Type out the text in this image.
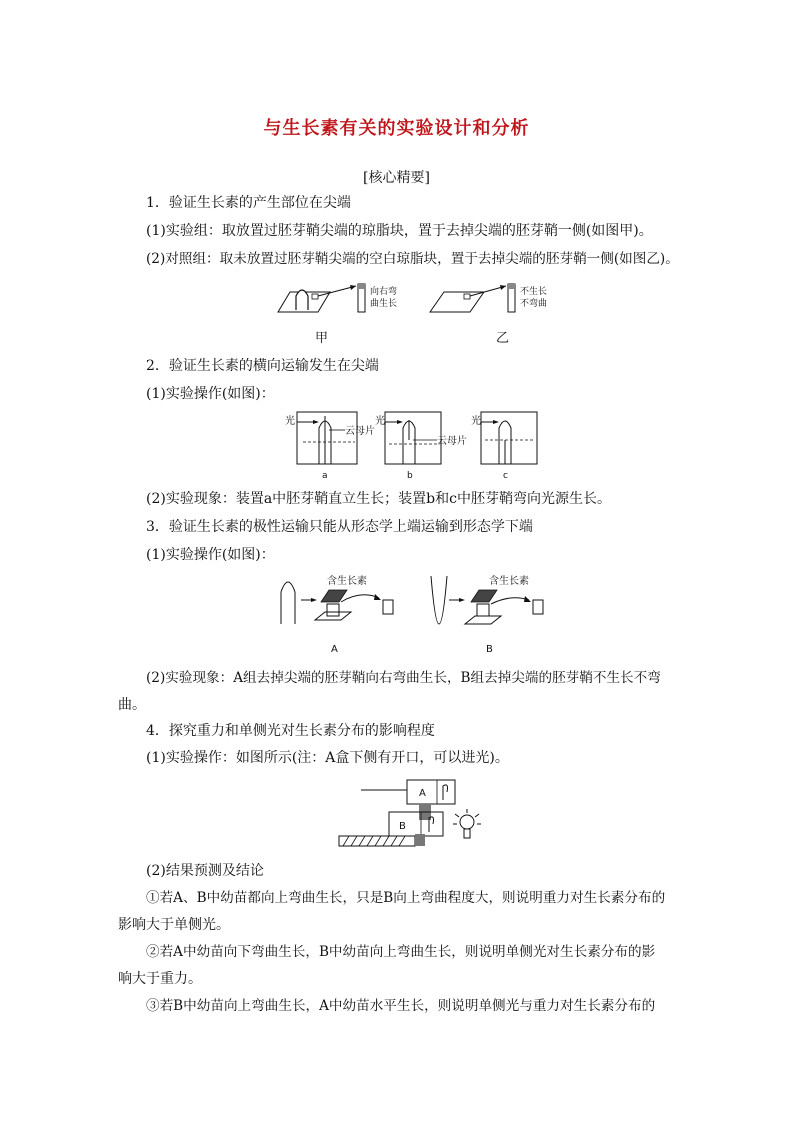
与生长素有关的实验设计和分析
[核心精要]
1．验证生长素的产生部位在尖端
(1)实验组：取放置过胚芽鞘尖端的琼脂块，置于去掉尖端的胚芽鞘一侧(如图甲)。
(2)对照组：取未放置过胚芽鞘尖端的空白琼脂块，置于去掉尖端的胚芽鞘一侧(如图乙)。
向右弯
曲生长
甲
不生长
不弯曲
乙
2．验证生长素的横向运输发生在尖端
(1)实验操作(如图)：
光
云母片
a
光
云母片
b
光
c
(2)实验现象：装置a中胚芽鞘直立生长；装置b和c中胚芽鞘弯向光源生长。
3．验证生长素的极性运输只能从形态学上端运输到形态学下端
(1)实验操作(如图)：
含生长素
A
含生长素
B
(2)实验现象：A组去掉尖端的胚芽鞘向右弯曲生长，B组去掉尖端的胚芽鞘不生长不弯
曲。
4．探究重力和单侧光对生长素分布的影响程度
(1)实验操作：如图所示(注：A盒下侧有开口，可以进光)。
A
B
(2)结果预测及结论
①若A、B中幼苗都向上弯曲生长，只是B向上弯曲程度大，则说明重力对生长素分布的
影响大于单侧光。
②若A中幼苗向下弯曲生长，B中幼苗向上弯曲生长，则说明单侧光对生长素分布的影
响大于重力。
③若B中幼苗向上弯曲生长，A中幼苗水平生长，则说明单侧光与重力对生长素分布的
